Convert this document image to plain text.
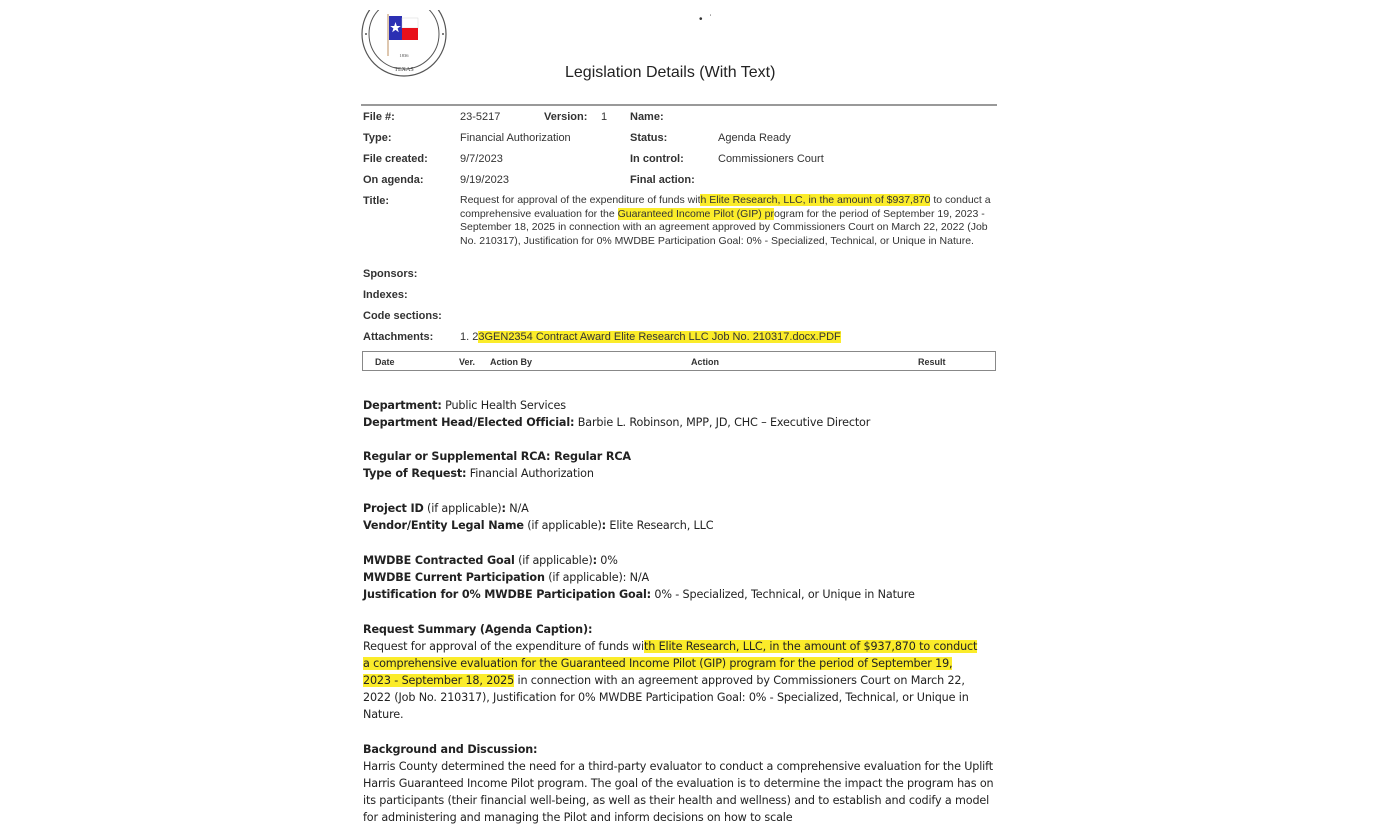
1836
TEXAS
• ˙
Legislation Details (With Text)
File #:	23-5217	Version: 1 Name:
Type:	Financial Authorization	Status:	Agenda Ready
File created:	9/7/2023	In control:	Commissioners Court
On agenda:	9/19/2023	Final action:
Title:	Request for approval of the expenditure of funds with Elite Research, LLC, in the amount of $937,870 to conduct a comprehensive evaluation for the Guaranteed Income Pilot (GIP) program for the period of September 19, 2023 - September 18, 2025 in connection with an agreement approved by Commissioners Court on March 22, 2022 (Job No. 210317), Justification for 0% MWDBE Participation Goal: 0% - Specialized, Technical, or Unique in Nature.
Sponsors:
Indexes:
Code sections:
Attachments: 1. 23GEN2354 Contract Award Elite Research LLC Job No. 210317.docx.PDF
Date	Ver. Action By	Action	Result
Department: Public Health Services
Department Head/Elected Official: Barbie L. Robinson, MPP, JD, CHC – Executive Director
Regular or Supplemental RCA: Regular RCA
Type of Request: Financial Authorization
Project ID (if applicable): N/A
Vendor/Entity Legal Name (if applicable): Elite Research, LLC
MWDBE Contracted Goal (if applicable): 0%
MWDBE Current Participation (if applicable): N/A
Justification for 0% MWDBE Participation Goal: 0% - Specialized, Technical, or Unique in Nature
Request Summary (Agenda Caption):
Request for approval of the expenditure of funds with Elite Research, LLC, in the amount of $937,870 to conduct a comprehensive evaluation for the Guaranteed Income Pilot (GIP) program for the period of September 19, 2023 - September 18, 2025 in connection with an agreement approved by Commissioners Court on March 22, 2022 (Job No. 210317), Justification for 0% MWDBE Participation Goal: 0% - Specialized, Technical, or Unique in Nature.
Background and Discussion:
Harris County determined the need for a third-party evaluator to conduct a comprehensive evaluation for the Uplift Harris Guaranteed Income Pilot program. The goal of the evaluation is to determine the impact the program has on its participants (their financial well-being, as well as their health and wellness) and to establish and codify a model for administering and managing the Pilot and inform decisions on how to scale
